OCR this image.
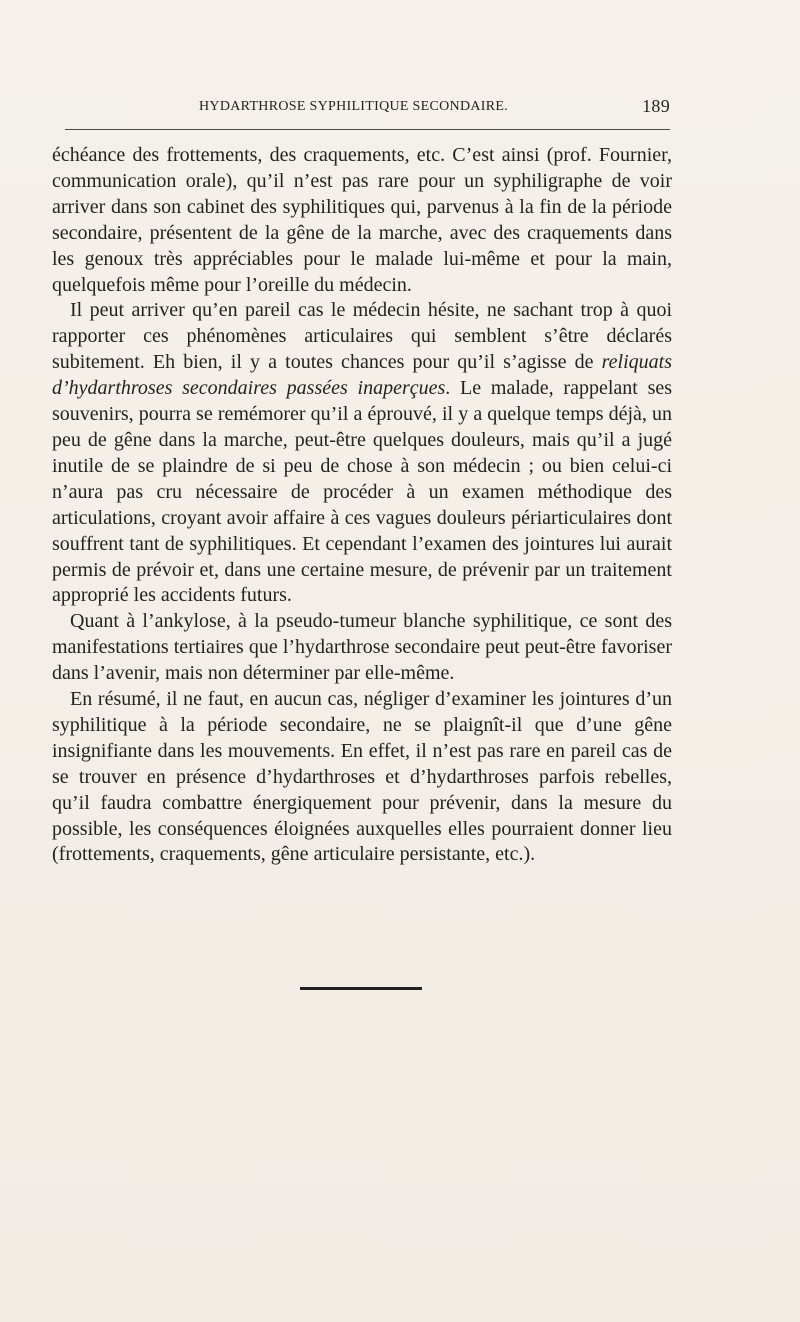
HYDARTHROSE SYPHILITIQUE SECONDAIRE.	189

échéance des frottements, des craquements, etc. C’est ainsi (prof. Fournier, communication orale), qu’il n’est pas rare pour un syphiligraphe de voir arriver dans son cabinet des syphilitiques qui, parvenus à la fin de la période secondaire, présentent de la gêne de la marche, avec des craquements dans les genoux très appréciables pour le malade lui-même et pour la main, quelquefois même pour l’oreille du médecin.

Il peut arriver qu’en pareil cas le médecin hésite, ne sachant trop à quoi rapporter ces phénomènes articulaires qui semblent s’être déclarés subitement. Eh bien, il y a toutes chances pour qu’il s’agisse de reliquats d’hydarthroses secondaires passées inaperçues. Le malade, rappelant ses souvenirs, pourra se remémorer qu’il a éprouvé, il y a quelque temps déjà, un peu de gêne dans la marche, peut-être quelques douleurs, mais qu’il a jugé inutile de se plaindre de si peu de chose à son médecin ; ou bien celui-ci n’aura pas cru nécessaire de procéder à un examen méthodique des articulations, croyant avoir affaire à ces vagues douleurs périarticulaires dont souffrent tant de syphilitiques. Et cependant l’examen des jointures lui aurait permis de prévoir et, dans une certaine mesure, de prévenir par un traitement approprié les accidents futurs.

Quant à l’ankylose, à la pseudo-tumeur blanche syphilitique, ce sont des manifestations tertiaires que l’hydarthrose secondaire peut peut-être favoriser dans l’avenir, mais non déterminer par elle-même.

En résumé, il ne faut, en aucun cas, négliger d’examiner les jointures d’un syphilitique à la période secondaire, ne se plaignît-il que d’une gêne insignifiante dans les mouvements. En effet, il n’est pas rare en pareil cas de se trouver en présence d’hydarthroses et d’hydarthroses parfois rebelles, qu’il faudra combattre énergiquement pour prévenir, dans la mesure du possible, les conséquences éloignées auxquelles elles pourraient donner lieu (frottements, craquements, gêne articulaire persistante, etc.).
